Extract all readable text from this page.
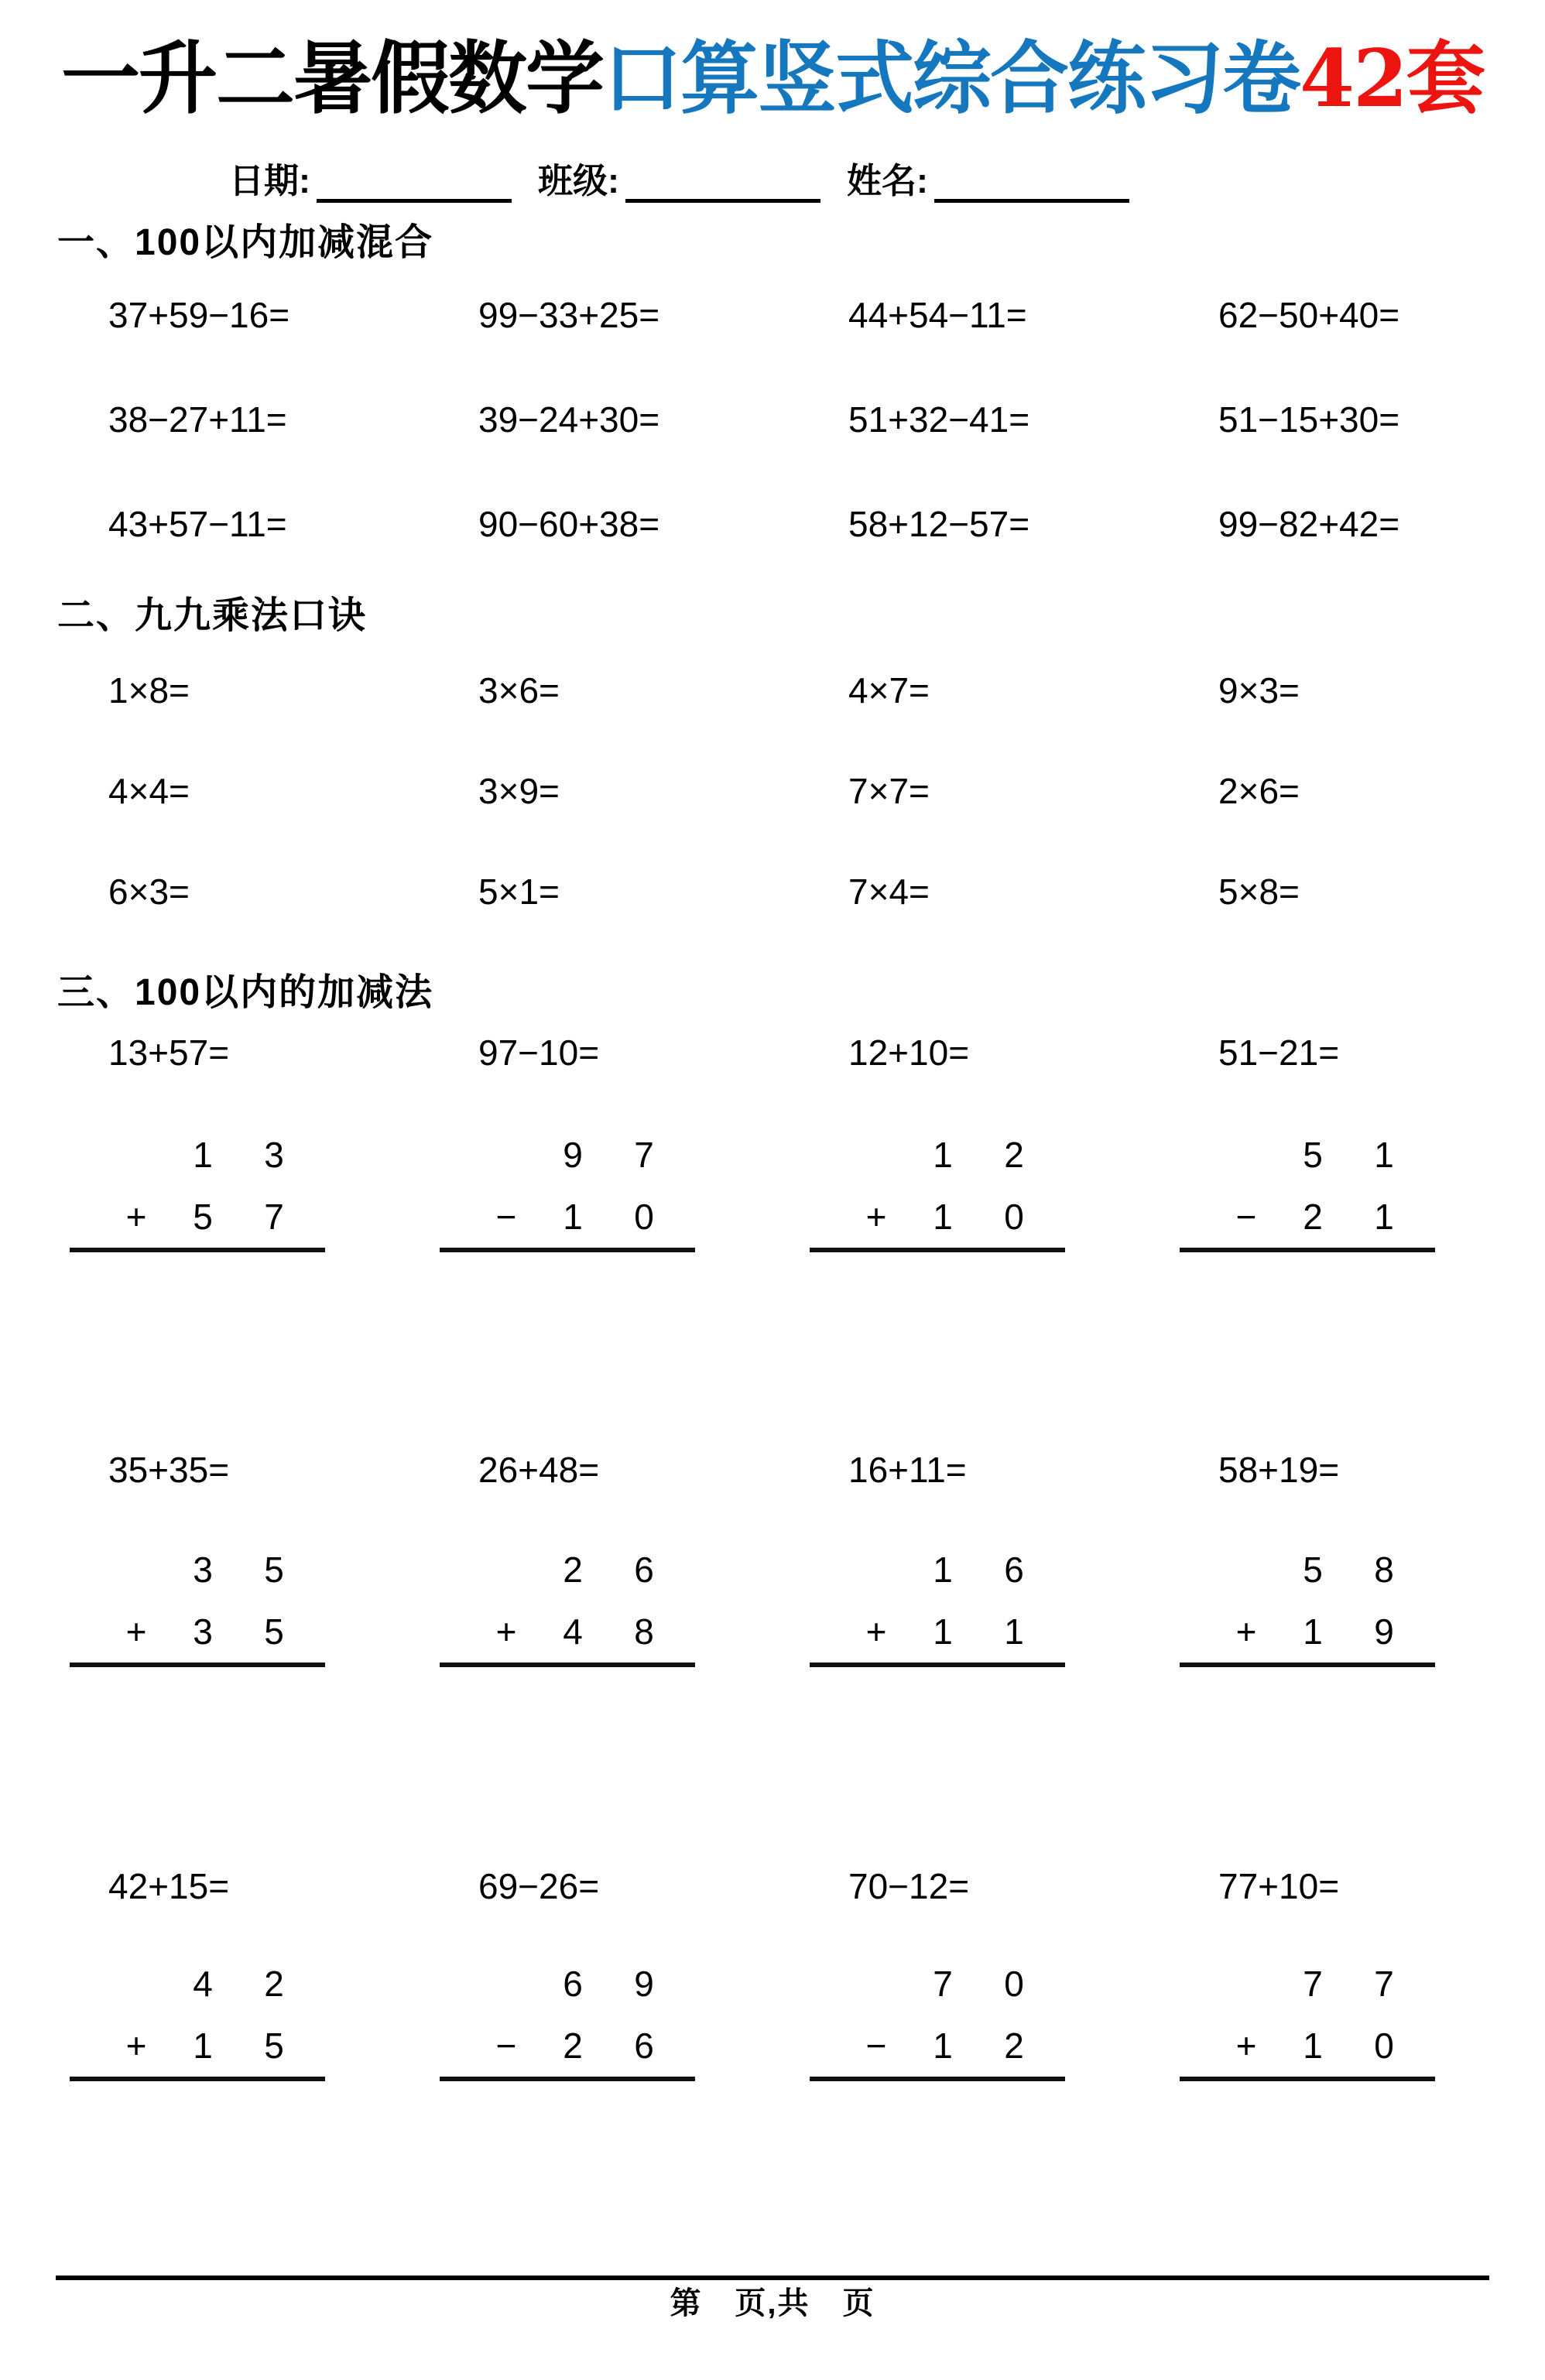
一升二暑假数学口算竖式综合练习卷42套
日期:	班级:	姓名:
一、100以内加减混合
37+59−16=	99−33+25=	44+54−11=	62−50+40=
38−27+11=	39−24+30=	51+32−41=	51−15+30=
43+57−11=	90−60+38=	58+12−57=	99−82+42=
二、九九乘法口诀
1×8=	3×6=	4×7=	9×3=
4×4=	3×9=	7×7=	2×6=
6×3=	5×1=	7×4=	5×8=
三、100以内的加减法
13+57=	97−10=	12+10=	51−21=
1	3
+	5	7
9	7
−	1	0
1	2
+	1	0
5	1
−	2	1
35+35=	26+48=	16+11=	58+19=
3	5
+	3	5
2	6
+	4	8
1	6
+	1	1
5	8
+	1	9
42+15=	69−26=	70−12=	77+10=
4	2
+	1	5
6	9
−	2	6
7	0
−	1	2
7	7
+	1	0
第　页,共　页
